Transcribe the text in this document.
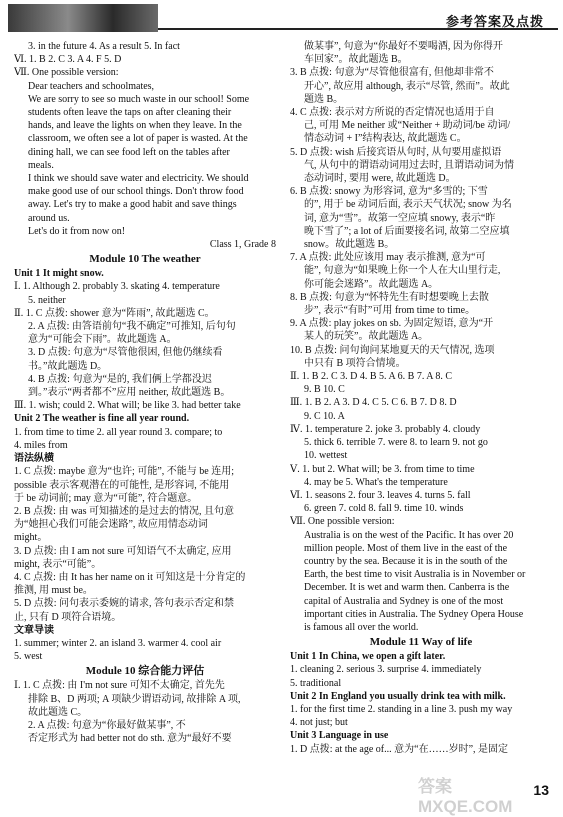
参考答案及点拨

3. in the future 4. As a result 5. In fact

Ⅵ. 1. B 2. C 3. A 4. F 5. D

Ⅶ. One possible version:

Dear teachers and schoolmates,

We are sorry to see so much waste in our school! Some

students often leave the taps on after cleaning their

hands, and leave the lights on when they leave. In the

classroom, we often see a lot of paper is wasted. At the

dining hall, we can see food left on the tables after

meals.

I think we should save water and electricity. We should

make good use of our school things. Don't throw food

away. Let's try to make a good habit and save things

around us.

Let's do it from now on!

Class 1, Grade 8

Module 10 The weather

Unit 1 It might snow.

Ⅰ. 1. Although 2. probably 3. skating 4. temperature

5. neither

Ⅱ. 1. C 点拨: shower 意为“阵雨”, 故此题选 C。

2. A 点拨: 由答语前句“我不确定”可推知, 后句句

意为“可能会下雨”。故此题选 A。

3. D 点拨: 句意为“尽管他很困, 但他仍继续看

书。”故此题选 D。

4. B 点拨: 句意为“是的, 我们俩上学都没迟

到。”表示“两者都不”应用 neither, 故此题选 B。

Ⅲ. 1. wish; could 2. What will; be like 3. had better take

Unit 2 The weather is fine all year round.

1. from time to time 2. all year round 3. compare; to

4. miles from

语法纵横

1. C 点拨: maybe 意为“也许; 可能”, 不能与 be 连用;

possible 表示客观潜在的可能性, 是形容词, 不能用

于 be 动词前; may 意为“可能”, 符合题意。

2. B 点拨: 由 was 可知描述的是过去的情况, 且句意

为“她担心我们可能会迷路”, 故应用情态动词

might。

3. D 点拨: 由 I am not sure 可知语气不太确定, 应用

might, 表示“可能”。

4. C 点拨: 由 It has her name on it 可知这是十分肯定的

推测, 用 must be。

5. D 点拨: 问句表示委婉的请求, 答句表示否定和禁

止, 只有 D 项符合语境。

文章导读

1. summer; winter 2. an island 3. warmer 4. cool air

5. west

Module 10 综合能力评估

Ⅰ. 1. C 点拨: 由 I'm not sure 可知不太确定, 首先先

排除 B、D 两项; A 项缺少谓语动词, 故排除 A 项,

故此题选 C。

2. A 点拨: 句意为“你最好做某事”, 不

否定形式为 had better not do sth. 意为“最好不要

做某事”, 句意为“你最好不要喝酒, 因为你得开

车回家”。故此题选 B。

3. B 点拨: 句意为“尽管他很富有, 但他却非常不

开心”, 故应用 although, 表示“尽管, 然而”。故此

题选 B。

4. C 点拨: 表示对方所说的否定情况也适用于自

己, 可用 Me neither 或“Neither + 助动词/be 动词/

情态动词 + I”结构表达, 故此题选 C。

5. D 点拨: wish 后接宾语从句时, 从句要用虚拟语

气, 从句中的谓语动词用过去时, 且谓语动词为情

态动词时, 要用 were, 故此题选 D。

6. B 点拨: snowy 为形容词, 意为“多雪的; 下雪

的”, 用于 be 动词后面, 表示天气状况; snow 为名

词, 意为“雪”。故第一空应填 snowy, 表示“昨

晚下雪了”; a lot of 后面要接名词, 故第二空应填

snow。故此题选 B。

7. A 点拨: 此处应该用 may 表示推测, 意为“可

能”, 句意为“如果晚上你一个人在大山里行走,

你可能会迷路”。故此题选 A。

8. B 点拨: 句意为“怀特先生有时想要晚上去散

步”, 表示“有时”可用 from time to time。

9. A 点拨: play jokes on sb. 为固定短语, 意为“开

某人的玩笑”。故此题选 A。

10. B 点拨: 问句询问某地夏天的天气情况, 选项

中只有 B 项符合情境。

Ⅱ. 1. B 2. C 3. D 4. B 5. A 6. B 7. A 8. C

9. B 10. C

Ⅲ. 1. B 2. A 3. D 4. C 5. C 6. B 7. D 8. D

9. C 10. A

Ⅳ. 1. temperature 2. joke 3. probably 4. cloudy

5. thick 6. terrible 7. were 8. to learn 9. not go

10. wettest

Ⅴ. 1. but 2. What will; be 3. from time to time

4. may be 5. What's the temperature

Ⅵ. 1. seasons 2. four 3. leaves 4. turns 5. fall

6. green 7. cold 8. fall 9. time 10. winds

Ⅶ. One possible version:

Australia is on the west of the Pacific. It has over 20

million people. Most of them live in the east of the

country by the sea. Because it is in the south of the

Earth, the best time to visit Australia is in November or

December. It is wet and warm then. Canberra is the

capital of Australia and Sydney is one of the most

important cities in Australia. The Sydney Opera House

is famous all over the world.

Module 11 Way of life

Unit 1 In China, we open a gift later.

1. cleaning 2. serious 3. surprise 4. immediately

5. traditional

Unit 2 In England you usually drink tea with milk.

1. for the first time 2. standing in a line 3. push my way

4. not just; but

Unit 3 Language in use

1. D 点拨: at the age of... 意为“在……岁时”, 是固定

答案 MXQE.COM
13
